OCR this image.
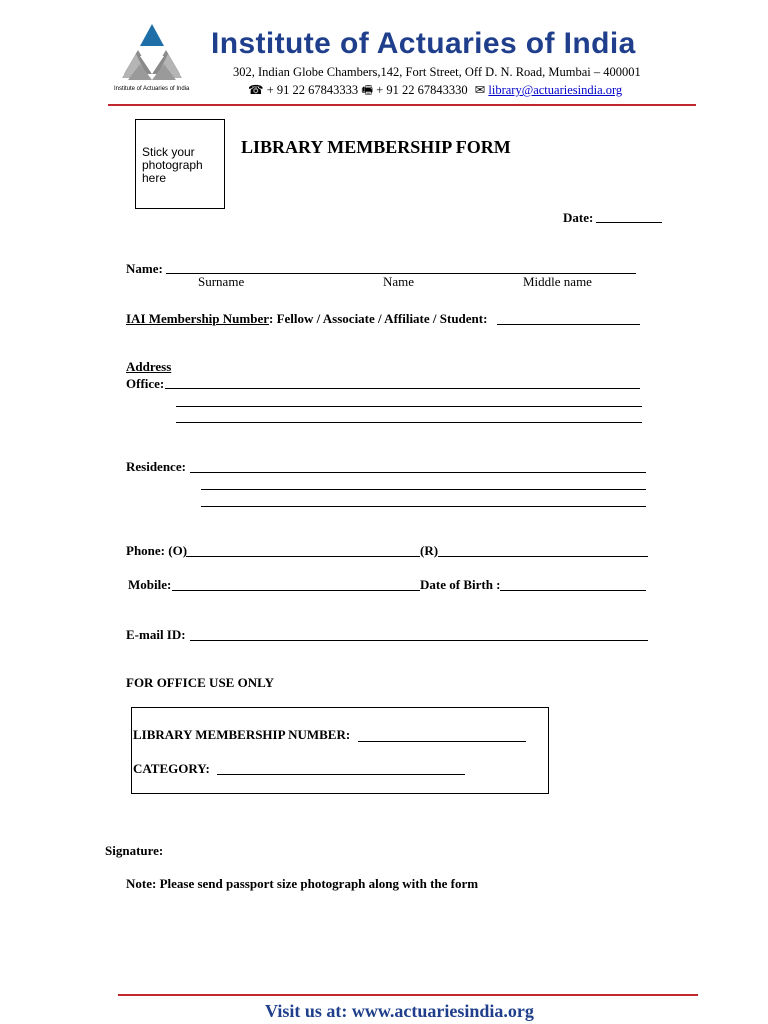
Institute of Actuaries of India
Institute of Actuaries of India
302, Indian Globe Chambers,142, Fort Street, Off D. N. Road, Mumbai – 400001
☎ + 91 22 67843333 🖷 + 91 22 67843330 ✉ library@actuariesindia.org
Stick your
photograph
here
LIBRARY MEMBERSHIP FORM
Date:
Name:
Surname	Name	Middle name
IAI Membership Number: Fellow / Associate / Affiliate / Student:
Address
Office:
Residence:
Phone: (O)	(R)
Mobile:	Date of Birth :
E-mail ID:
FOR OFFICE USE ONLY
LIBRARY MEMBERSHIP NUMBER:
CATEGORY:
Signature:
Note: Please send passport size photograph along with the form
Visit us at: www.actuariesindia.org
